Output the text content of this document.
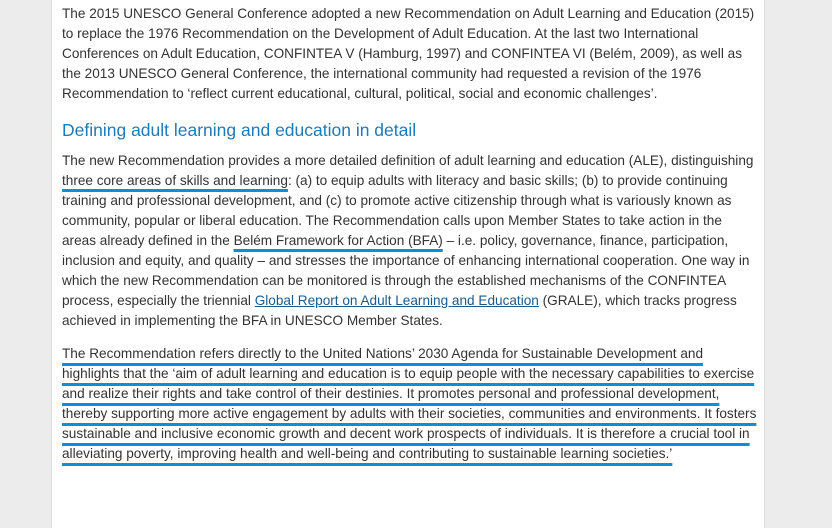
The 2015 UNESCO General Conference adopted a new Recommendation on Adult Learning and Education (2015) to replace the 1976 Recommendation on the Development of Adult Education. At the last two International Conferences on Adult Education, CONFINTEA V (Hamburg, 1997) and CONFINTEA VI (Belém, 2009), as well as the 2013 UNESCO General Conference, the international community had requested a revision of the 1976 Recommendation to ‘reflect current educational, cultural, political, social and economic challenges’.

Defining adult learning and education in detail

The new Recommendation provides a more detailed definition of adult learning and education (ALE), distinguishing three core areas of skills and learning: (a) to equip adults with literacy and basic skills; (b) to provide continuing training and professional development, and (c) to promote active citizenship through what is variously known as community, popular or liberal education. The Recommendation calls upon Member States to take action in the areas already defined in the Belém Framework for Action (BFA) – i.e. policy, governance, finance, participation, inclusion and equity, and quality – and stresses the importance of enhancing international cooperation. One way in which the new Recommendation can be monitored is through the established mechanisms of the CONFINTEA process, especially the triennial Global Report on Adult Learning and Education (GRALE), which tracks progress achieved in implementing the BFA in UNESCO Member States.

The Recommendation refers directly to the United Nations’ 2030 Agenda for Sustainable Development and highlights that the ‘aim of adult learning and education is to equip people with the necessary capabilities to exercise and realize their rights and take control of their destinies. It promotes personal and professional development, thereby supporting more active engagement by adults with their societies, communities and environments. It fosters sustainable and inclusive economic growth and decent work prospects of individuals. It is therefore a crucial tool in alleviating poverty, improving health and well-being and contributing to sustainable learning societies.’
